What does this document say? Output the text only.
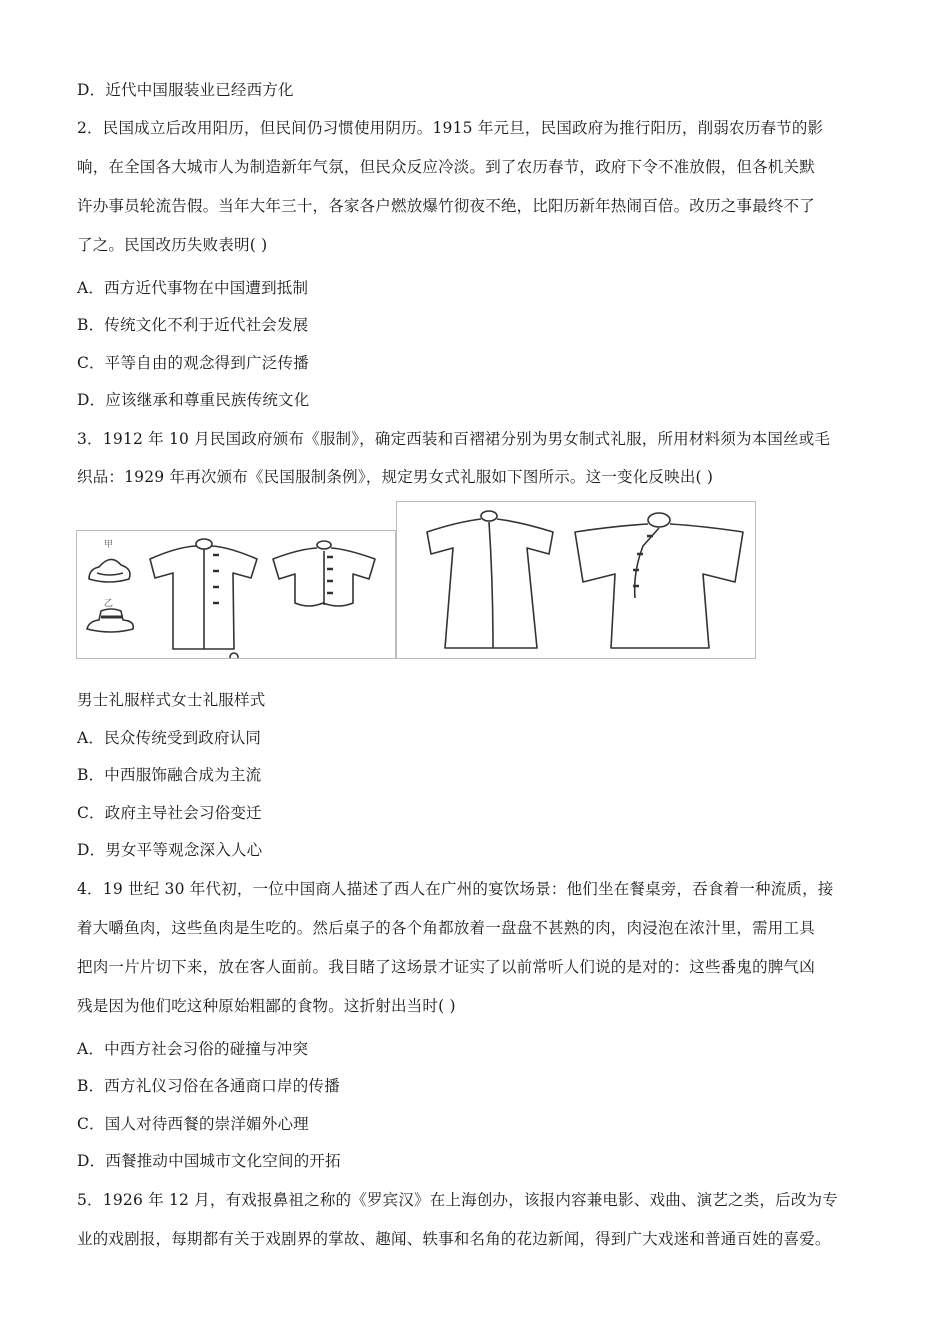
D．近代中国服装业已经西方化
2．民国成立后改用阳历，但民间仍习惯使用阴历。1915 年元旦，民国政府为推行阳历，削弱农历春节的影
响，在全国各大城市人为制造新年气氛，但民众反应冷淡。到了农历春节，政府下令不准放假，但各机关默
许办事员轮流告假。当年大年三十，各家各户燃放爆竹彻夜不绝，比阳历新年热闹百倍。改历之事最终不了
了之。民国改历失败表明( )
A．西方近代事物在中国遭到抵制
B．传统文化不利于近代社会发展
C．平等自由的观念得到广泛传播
D．应该继承和尊重民族传统文化
3．1912 年 10 月民国政府颁布《服制》，确定西装和百褶裙分别为男女制式礼服，所用材料须为本国丝或毛
织品：1929 年再次颁布《民国服制条例》，规定男女式礼服如下图所示。这一变化反映出( )
甲
乙
男士礼服样式女士礼服样式
A．民众传统受到政府认同
B．中西服饰融合成为主流
C．政府主导社会习俗变迁
D．男女平等观念深入人心
4．19 世纪 30 年代初，一位中国商人描述了西人在广州的宴饮场景：他们坐在餐桌旁，吞食着一种流质，接
着大嚼鱼肉，这些鱼肉是生吃的。然后桌子的各个角都放着一盘盘不甚熟的肉，肉浸泡在浓汁里，需用工具
把肉一片片切下来，放在客人面前。我目睹了这场景才证实了以前常听人们说的是对的：这些番鬼的脾气凶
残是因为他们吃这种原始粗鄙的食物。这折射出当时( )
A．中西方社会习俗的碰撞与冲突
B．西方礼仪习俗在各通商口岸的传播
C．国人对待西餐的崇洋媚外心理
D．西餐推动中国城市文化空间的开拓
5．1926 年 12 月，有戏报鼻祖之称的《罗宾汉》在上海创办，该报内容兼电影、戏曲、演艺之类，后改为专
业的戏剧报，每期都有关于戏剧界的掌故、趣闻、轶事和名角的花边新闻，得到广大戏迷和普通百姓的喜爱。
